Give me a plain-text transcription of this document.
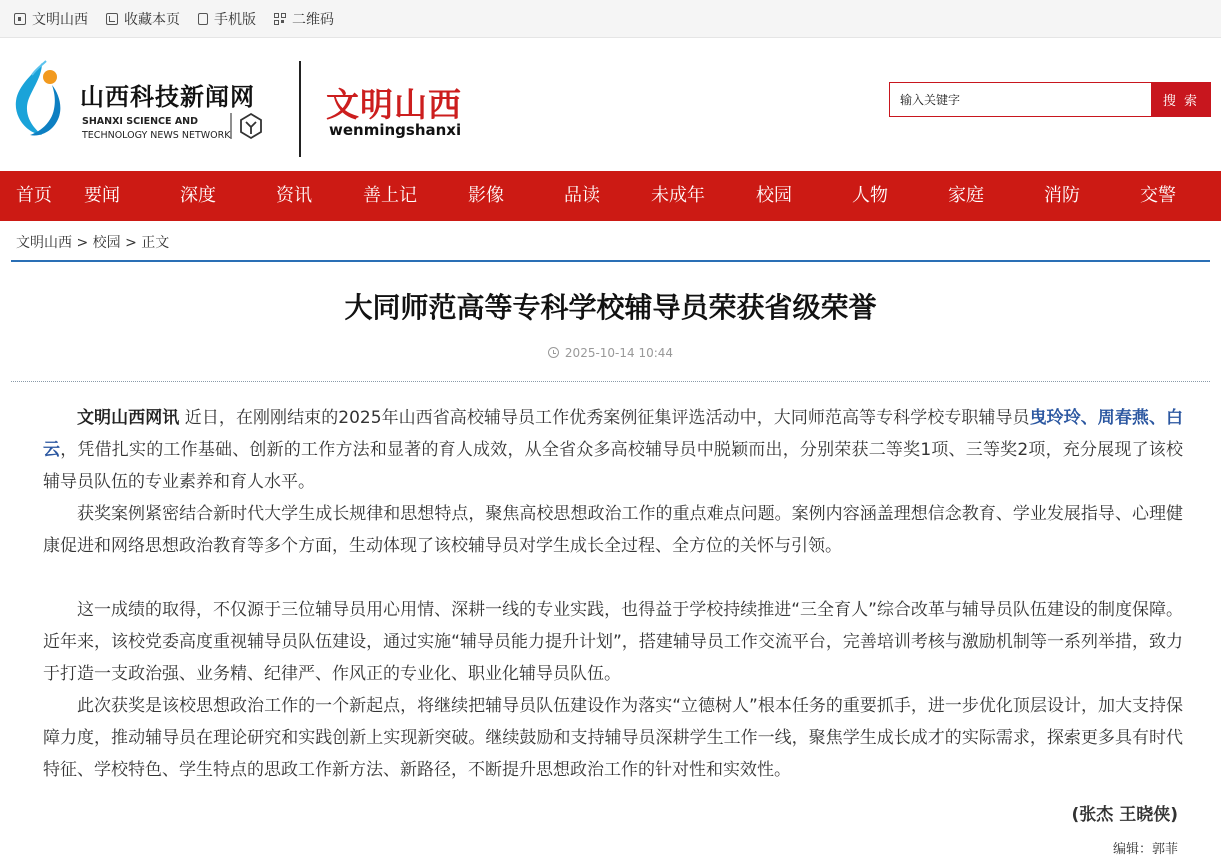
文明山西	收藏本页 手机版	二维码
山西科技新闻网
SHANXI SCIENCE AND
TECHNOLOGY NEWS NETWORK
文明山西
wenmingshanxi
输入关键字
搜 索
首页 要闻	深度	资讯	善上记	影像	品读	未成年	校园	人物	家庭	消防	交警
文明山西 > 校园 > 正文
大同师范高等专科学校辅导员荣获省级荣誉
2025-10-14 10:44

文明山西网讯 近日，在刚刚结束的2025年山西省高校辅导员工作优秀案例征集评选活动中，大同师范高等专科学校专职辅导员曳玲玲、周春燕、白云，凭借扎实的工作基础、创新的工作方法和显著的育人成效，从全省众多高校辅导员中脱颖而出，分别荣获二等奖1项、三等奖2项，充分展现了该校辅导员队伍的专业素养和育人水平。

获奖案例紧密结合新时代大学生成长规律和思想特点，聚焦高校思想政治工作的重点难点问题。案例内容涵盖理想信念教育、学业发展指导、心理健康促进和网络思想政治教育等多个方面，生动体现了该校辅导员对学生成长全过程、全方位的关怀与引领。

这一成绩的取得，不仅源于三位辅导员用心用情、深耕一线的专业实践，也得益于学校持续推进“三全育人”综合改革与辅导员队伍建设的制度保障。近年来，该校党委高度重视辅导员队伍建设，通过实施“辅导员能力提升计划”，搭建辅导员工作交流平台，完善培训考核与激励机制等一系列举措，致力于打造一支政治强、业务精、纪律严、作风正的专业化、职业化辅导员队伍。

此次获奖是该校思想政治工作的一个新起点，将继续把辅导员队伍建设作为落实“立德树人”根本任务的重要抓手，进一步优化顶层设计，加大支持保障力度，推动辅导员在理论研究和实践创新上实现新突破。继续鼓励和支持辅导员深耕学生工作一线，聚焦学生成长成才的实际需求，探索更多具有时代特征、学校特色、学生特点的思政工作新方法、新路径，不断提升思想政治工作的针对性和实效性。

(张杰 王晓侠)
编辑：郭菲
